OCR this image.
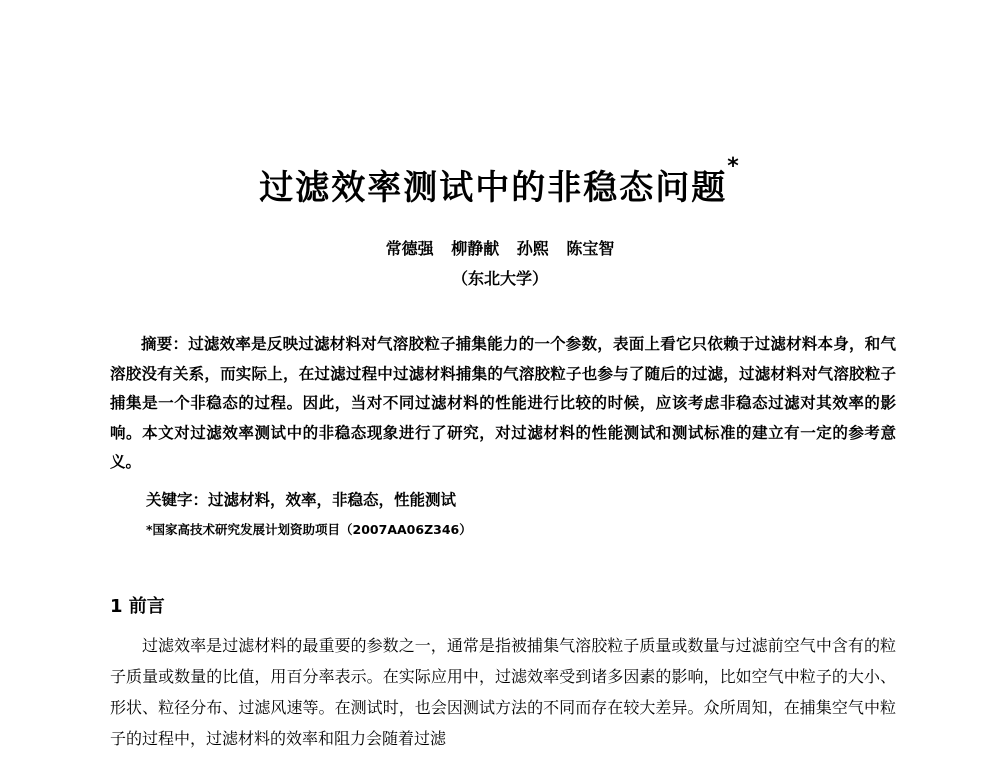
过滤效率测试中的非稳态问题*
常德强 柳静献 孙熙 陈宝智
（东北大学）

摘要：过滤效率是反映过滤材料对气溶胶粒子捕集能力的一个参数，表面上看它只依赖于过滤材料本身，和气溶胶没有关系，而实际上，在过滤过程中过滤材料捕集的气溶胶粒子也参与了随后的过滤，过滤材料对气溶胶粒子捕集是一个非稳态的过程。因此，当对不同过滤材料的性能进行比较的时候，应该考虑非稳态过滤对其效率的影响。本文对过滤效率测试中的非稳态现象进行了研究，对过滤材料的性能测试和测试标准的建立有一定的参考意义。

关键字：过滤材料，效率，非稳态，性能测试
*国家高技术研究发展计划资助项目（2007AA06Z346）
1 前言

过滤效率是过滤材料的最重要的参数之一，通常是指被捕集气溶胶粒子质量或数量与过滤前空气中含有的粒子质量或数量的比值，用百分率表示。在实际应用中，过滤效率受到诸多因素的影响，比如空气中粒子的大小、形状、粒径分布、过滤风速等。在测试时，也会因测试方法的不同而存在较大差异。众所周知，在捕集空气中粒子的过程中，过滤材料的效率和阻力会随着过滤
